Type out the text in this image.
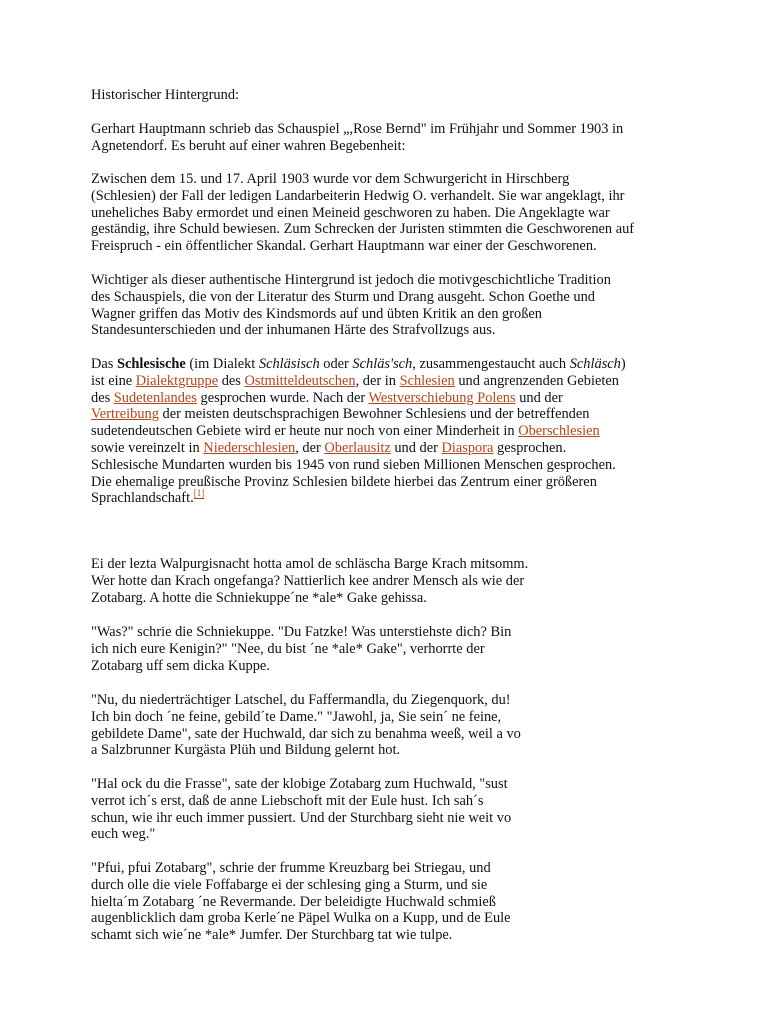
Historischer Hintergrund:
Gerhart Hauptmann schrieb das Schauspiel „,Rose Bernd" im Frühjahr und Sommer 1903 in
Agnetendorf. Es beruht auf einer wahren Begebenheit:
Zwischen dem 15. und 17. April 1903 wurde vor dem Schwurgericht in Hirschberg
(Schlesien) der Fall der ledigen Landarbeiterin Hedwig O. verhandelt. Sie war angeklagt, ihr
uneheliches Baby ermordet und einen Meineid geschworen zu haben. Die Angeklagte war
geständig, ihre Schuld bewiesen. Zum Schrecken der Juristen stimmten die Geschworenen auf
Freispruch - ein öffentlicher Skandal. Gerhart Hauptmann war einer der Geschworenen.
Wichtiger als dieser authentische Hintergrund ist jedoch die motivgeschichtliche Tradition
des Schauspiels, die von der Literatur des Sturm und Drang ausgeht. Schon Goethe und
Wagner griffen das Motiv des Kindsmords auf und übten Kritik an den großen
Standesunterschieden und der inhumanen Härte des Strafvollzugs aus.
Das Schlesische (im Dialekt Schläsisch oder Schläs'sch, zusammengestaucht auch Schläsch)
ist eine Dialektgruppe des Ostmitteldeutschen, der in Schlesien und angrenzenden Gebieten
des Sudetenlandes gesprochen wurde. Nach der Westverschiebung Polens und der
Vertreibung der meisten deutschsprachigen Bewohner Schlesiens und der betreffenden
sudetendeutschen Gebiete wird er heute nur noch von einer Minderheit in Oberschlesien
sowie vereinzelt in Niederschlesien, der Oberlausitz und der Diaspora gesprochen.
Schlesische Mundarten wurden bis 1945 von rund sieben Millionen Menschen gesprochen.
Die ehemalige preußische Provinz Schlesien bildete hierbei das Zentrum einer größeren
Sprachlandschaft.[1]
Ei der lezta Walpurgisnacht hotta amol de schläscha Barge Krach mitsomm.
Wer hotte dan Krach ongefanga? Nattierlich kee andrer Mensch als wie der
Zotabarg. A hotte die Schniekuppe´ne *ale* Gake gehissa.
"Was?" schrie die Schniekuppe. "Du Fatzke! Was unterstiehste dich? Bin
ich nich eure Kenigin?" "Nee, du bist ´ne *ale* Gake", verhorrte der
Zotabarg uff sem dicka Kuppe.
"Nu, du niederträchtiger Latschel, du Faffermandla, du Ziegenquork, du!
Ich bin doch ´ne feine, gebild´te Dame." "Jawohl, ja, Sie sein´ ne feine,
gebildete Dame", sate der Huchwald, dar sich zu benahma weeß, weil a vo
a Salzbrunner Kurgästa Plüh und Bildung gelernt hot.
"Hal ock du die Frasse", sate der klobige Zotabarg zum Huchwald, "sust
verrot ich´s erst, daß de anne Liebschoft mit der Eule hust. Ich sah´s
schun, wie ihr euch immer pussiert. Und der Sturchbarg sieht nie weit vo
euch weg."
"Pfui, pfui Zotabarg", schrie der frumme Kreuzbarg bei Striegau, und
durch olle die viele Foffabarge ei der schlesing ging a Sturm, und sie
hielta´m Zotabarg ´ne Revermande. Der beleidigte Huchwald schmieß
augenblicklich dam groba Kerle´ne Päpel Wulka on a Kupp, und de Eule
schamt sich wie´ne *ale* Jumfer. Der Sturchbarg tat wie tulpe.
